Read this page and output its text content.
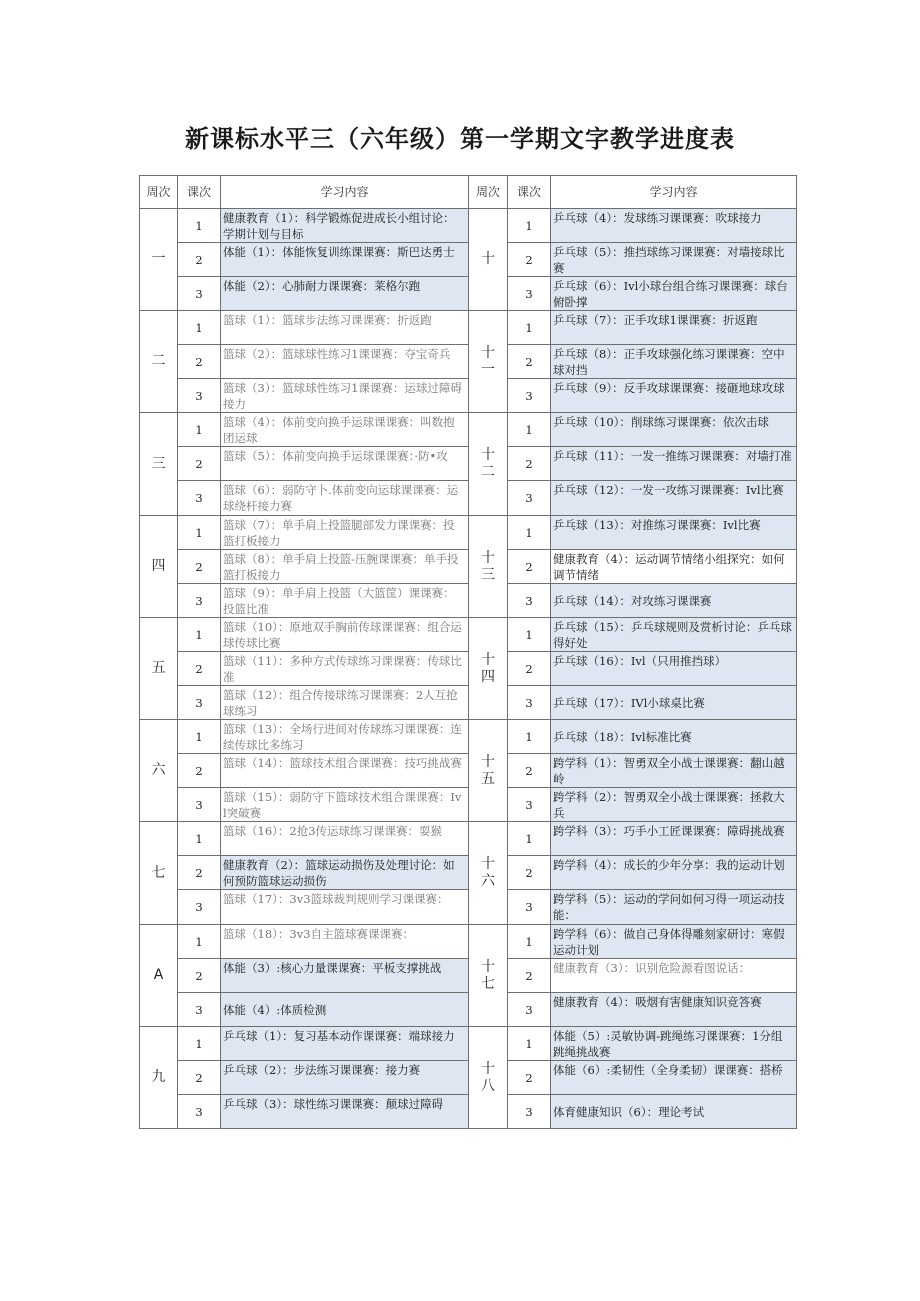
新课标水平三（六年级）第一学期文字教学进度表
周次	课次	学习内容	周次	课次	学习内容
一	1	健康教育（1）：科学锻炼促进成长小组讨论：学期计划与目标	十	1	乒乓球（4）：发球练习课课赛：吹球接力
	2	体能（1）：体能恢复训练课课赛：斯巴达勇士		2	乒乓球（5）：推挡球练习课课赛：对墙接球比赛
	3	体能（2）：心肺耐力课课赛：莱格尔跑		3	乒乓球（6）：Ivl小球台组合练习课课赛：球台俯卧撑
二	1	篮球（1）：篮球步法练习课课赛：折返跑	十一	1	乒乓球（7）：正手攻球1课课赛：折返跑
	2	篮球（2）：篮球球性练习1课课赛：夺宝奇兵		2	乒乓球（8）：正手攻球强化练习课课赛：空中球对挡
	3	篮球（3）：篮球球性练习1课课赛：运球过障碍接力		3	乒乓球（9）：反手攻球课课赛：接砸地球攻球
三	1	篮球（4）：体前变向换手运球课课赛：叫数抱团运球	十二	1	乒乓球（10）：削球练习课课赛：依次击球
	2	篮球（5）：体前变向换手运球课课赛：·防•攻		2	乒乓球（11）：一发一推练习课课赛：对墙打准
	3	篮球（6）：弱防守卜.体前变向运球课课赛：运球绕杆接力赛		3	乒乓球（12）：一发一攻练习课课赛：Ivl比赛
四	1	篮球（7）：单手肩上投篮腿部发力课课赛：投篮打板接力	十三	1	乒乓球（13）：对推练习课课赛：Ivl比赛
	2	篮球（8）：单手肩上投篮-压腕课课赛：单手投篮打板接力		2	健康教育（4）：运动调节情绪小组探究：如何调节情绪
	3	篮球（9）：单手肩上投篮（大篮筐）课课赛：投篮比准		3	乒乓球（14）：对攻练习课课赛
五	1	篮球（10）：原地双手胸前传球课课赛：组合运球传球比赛	十四	1	乒乓球（15）：乒乓球规则及赏析讨论：乒乓球得好处
	2	篮球（11）：多种方式传球练习课课赛：传球比准		2	乒乓球（16）：Ivl（只用推挡球）
	3	篮球（12）：组合传接球练习课课赛：2人互抢球练习		3	乒乓球（17）：IVl小球桌比赛
六	1	篮球（13）：全场行进间对传球练习课课赛：连续传球比多练习	十五	1	乒乓球（18）：Ivl标准比赛
	2	篮球（14）：篮球技术组合课课赛：技巧挑战赛		2	跨学科（1）：智勇双全小战士课课赛：翻山越岭
	3	篮球（15）：弱防守下篮球技术组合课课赛：Ivl突破赛		3	跨学科（2）：智勇双全小战士课课赛：拯救大兵
七	1	篮球（16）：2抢3传运球练习课课赛：耍猴	十六	1	跨学科（3）：巧手小工匠课课赛：障碍挑战赛
	2	健康教育（2）：篮球运动损伤及处理讨论：如何预防篮球运动损伤		2	跨学科（4）：成长的少年分享：我的运动计划
	3	篮球（17）：3v3篮球裁判规则学习课课赛：		3	跨学科（5）：运动的学问如何习得一项运动技能：
A	1	篮球（18）：3v3自主篮球赛课课赛：	十七	1	跨学科（6）：做自己身体得雕刻家研讨：寒假运动计划
	2	体能（3）:核心力量课课赛：平板支撑挑战		2	健康教育（3）：识别危险源看图说话：
	3	体能（4）:体质检测		3	健康教育（4）：吸烟有害健康知识竞答赛
九	1	乒乓球（1）：复习基本动作课课赛：端球接力	十八	1	体能（5）:灵敏协调-跳绳练习课课赛：1分组跳绳挑战赛
	2	乒乓球（2）：步法练习课课赛：接力赛		2	体能（6）:柔韧性（全身柔韧）课课赛：搭桥
	3	乒乓球（3）：球性练习课课赛：颠球过障碍		3	体育健康知识（6）：理论考试
